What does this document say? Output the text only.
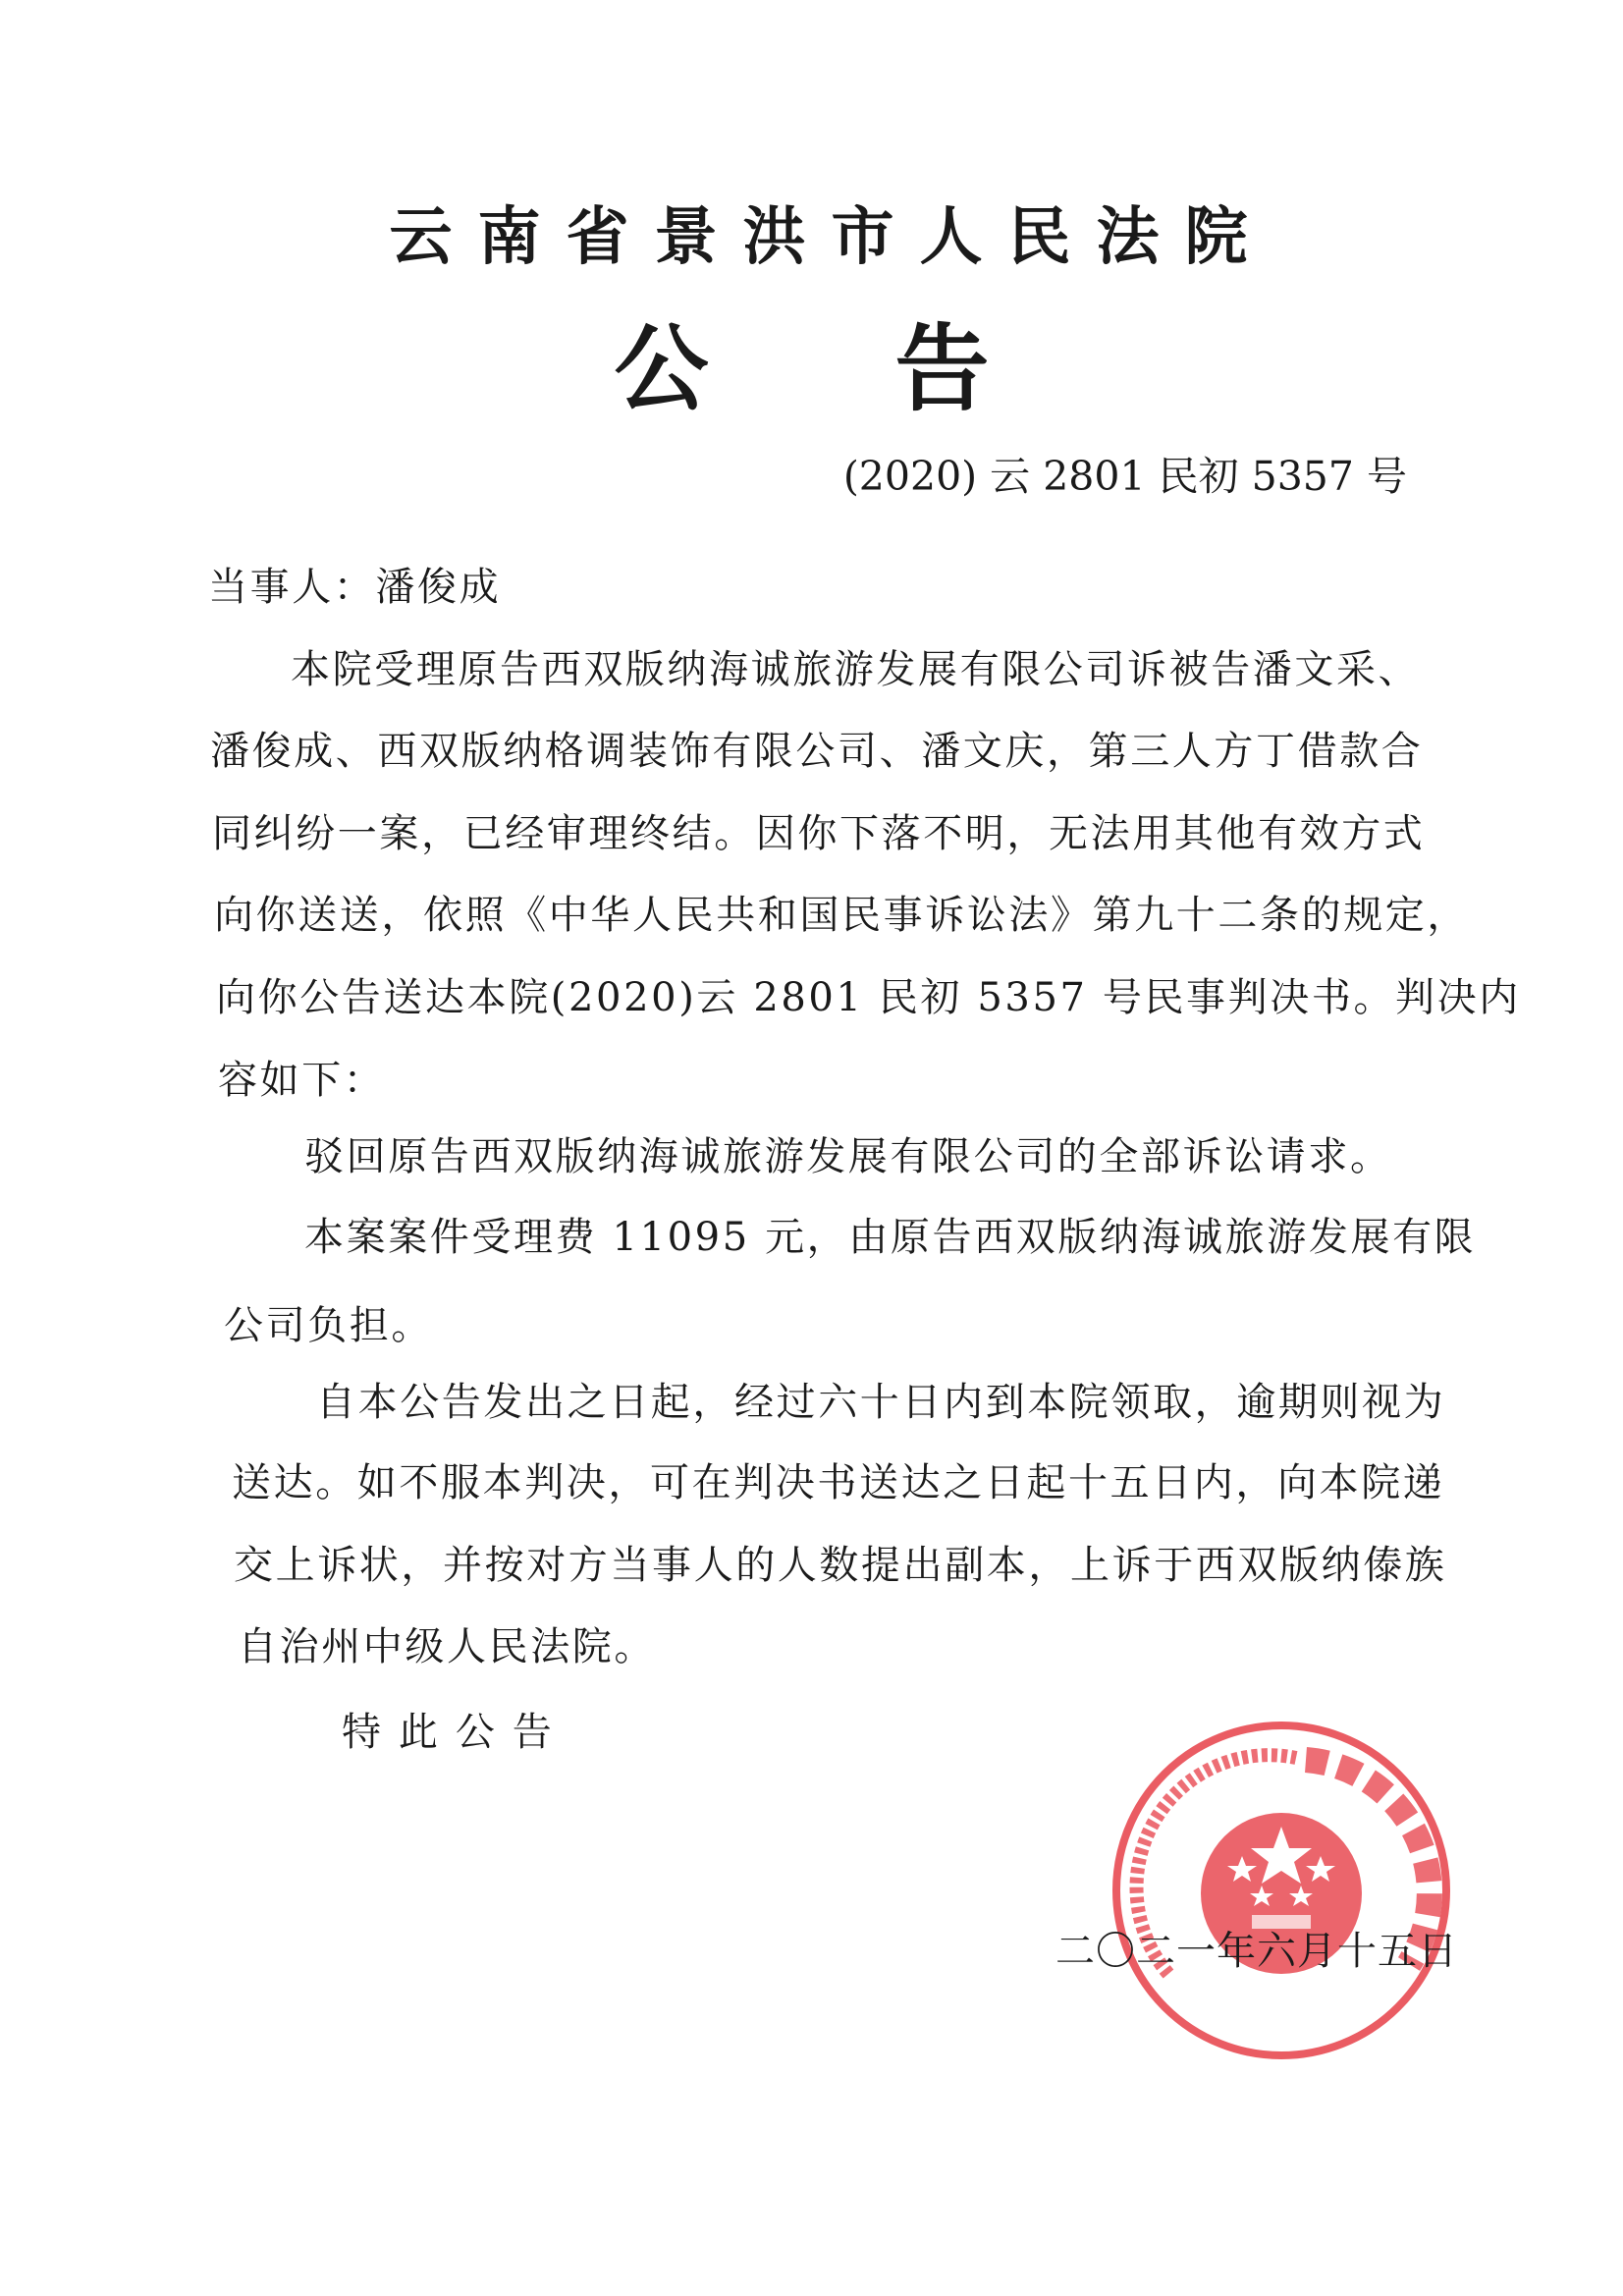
云南省景洪市人民法院
公告
(2020) 云 2801 民初 5357 号
当事人：潘俊成
本院受理原告西双版纳海诚旅游发展有限公司诉被告潘文采、
潘俊成、西双版纳格调装饰有限公司、潘文庆，第三人方丁借款合
同纠纷一案，已经审理终结。因你下落不明，无法用其他有效方式
向你送送，依照《中华人民共和国民事诉讼法》第九十二条的规定，
向你公告送达本院(2020)云 2801 民初 5357 号民事判决书。判决内
容如下：
驳回原告西双版纳海诚旅游发展有限公司的全部诉讼请求。
本案案件受理费 11095 元，由原告西双版纳海诚旅游发展有限
公司负担。
自本公告发出之日起，经过六十日内到本院领取，逾期则视为
送达。如不服本判决，可在判决书送达之日起十五日内，向本院递
交上诉状，并按对方当事人的人数提出副本，上诉于西双版纳傣族
自治州中级人民法院。
特 此 公 告
二〇二一年六月十五日
